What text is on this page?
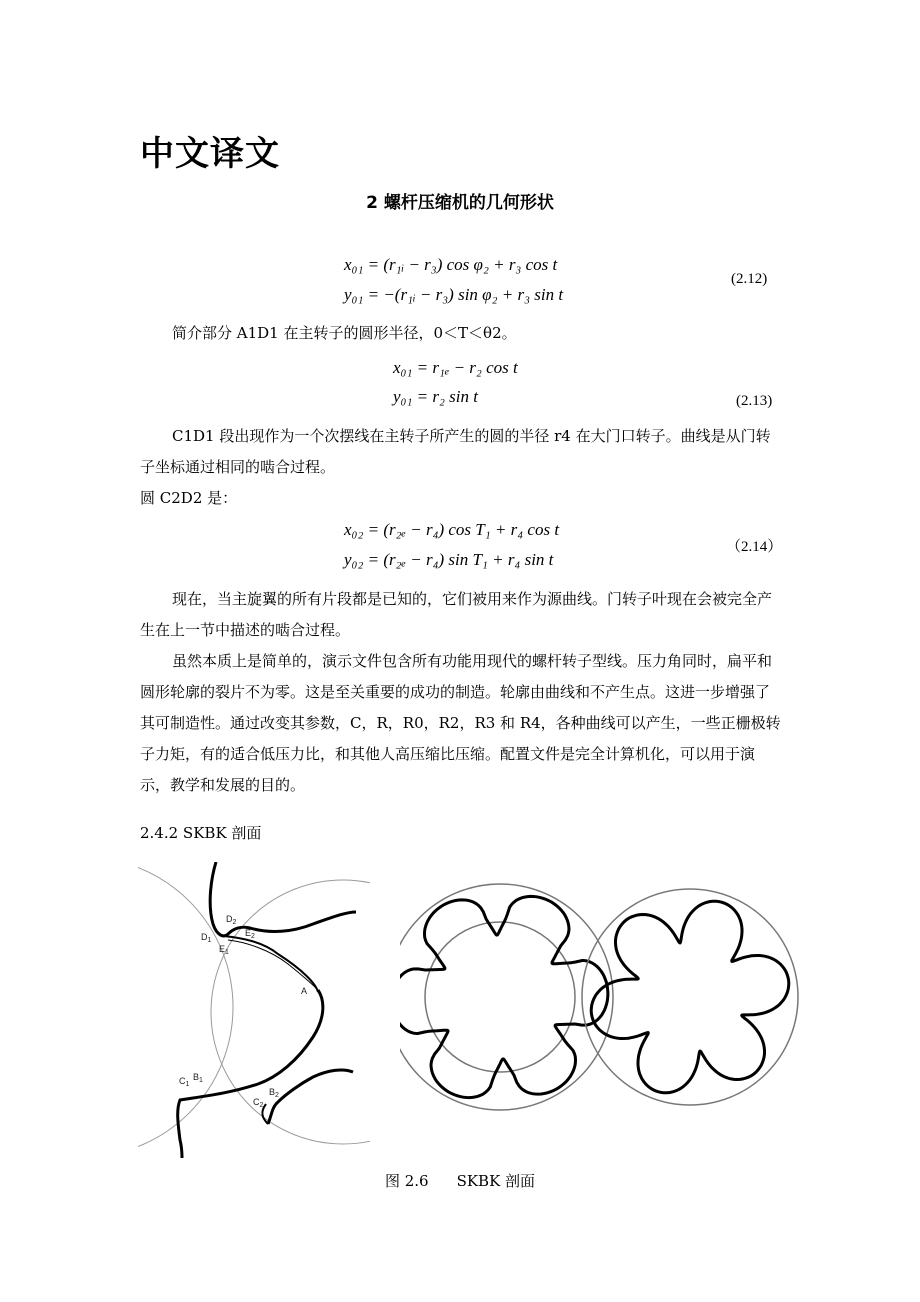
中文译文
2 螺杆压缩机的几何形状
x₀₁ = (r₁ᵢ − r₃) cos φ₂ + r₃ cos t
y₀₁ = −(r₁ᵢ − r₃) sin φ₂ + r₃ sin t
(2.12)
简介部分 A1D1 在主转子的圆形半径，0＜T＜θ2。
x₀₁ = r₁ₑ − r₂ cos t
y₀₁ = r₂ sin t	(2.13)

C1D1 段出现作为一个次摆线在主转子所产生的圆的半径 r4 在大门口转子。曲线是从门转子坐标通过相同的啮合过程。

圆 C2D2 是：

x₀₂ = (r₂ₑ − r₄) cos T₁ + r₄ cos t
y₀₂ = (r₂ₑ − r₄) sin T₁ + r₄ sin t
（2.14）

现在，当主旋翼的所有片段都是已知的，它们被用来作为源曲线。门转子叶现在会被完全产生在上一节中描述的啮合过程。

虽然本质上是简单的，演示文件包含所有功能用现代的螺杆转子型线。压力角同时，扁平和圆形轮廓的裂片不为零。这是至关重要的成功的制造。轮廓由曲线和不产生点。这进一步增强了其可制造性。通过改变其参数，C，R，R0，R2，R3 和 R4，各种曲线可以产生，一些正栅极转子力矩，有的适合低压力比，和其他人高压缩比压缩。配置文件是完全计算机化，可以用于演示，教学和发展的目的。

2.4.2 SKBK 剖面
$D_2$
$D_1$
$E_2$
$E_1$
A
$C_1$
$B_1$
$C_2$
$B_2$
图 2.6 SKBK 剖面
